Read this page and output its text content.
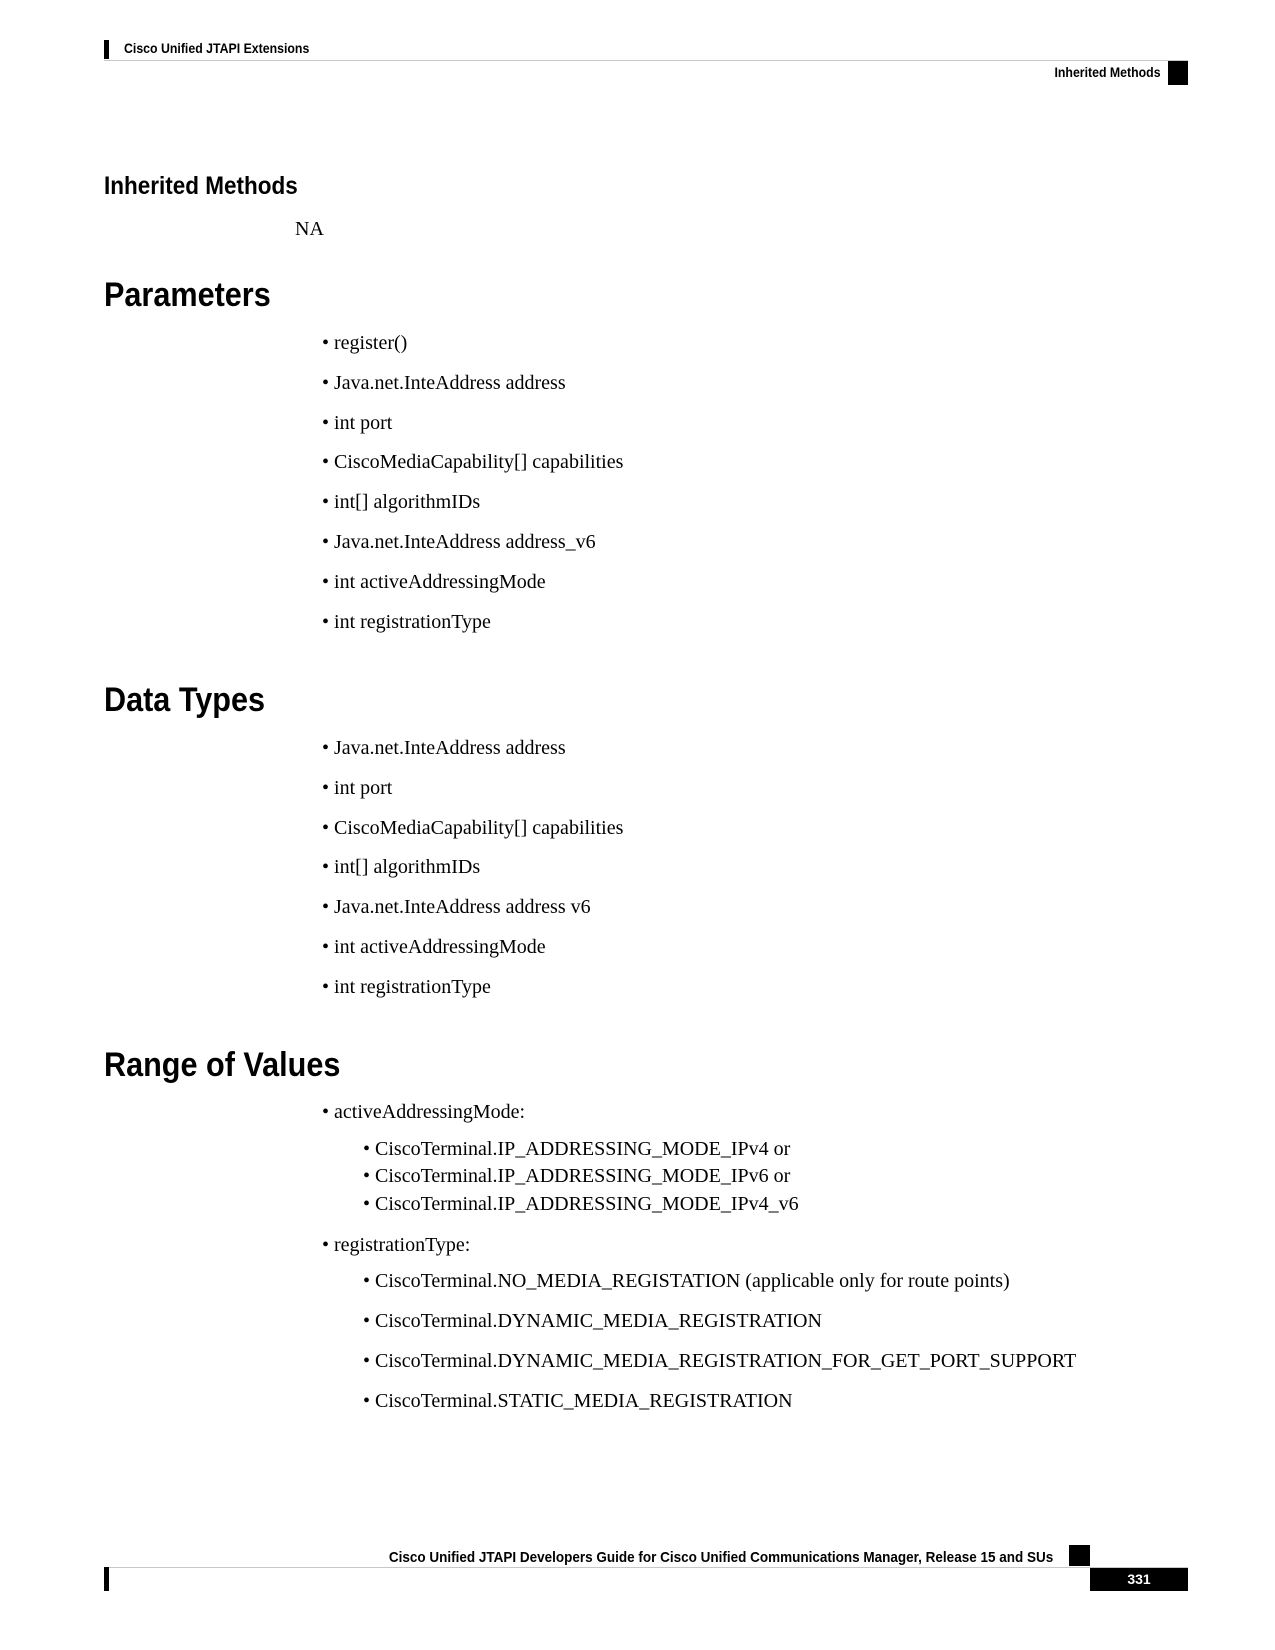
Cisco Unified JTAPI Extensions
Inherited Methods
Inherited Methods
NA
Parameters
• register()
• Java.net.InteAddress address
• int port
• CiscoMediaCapability[] capabilities
• int[] algorithmIDs
• Java.net.InteAddress address_v6
• int activeAddressingMode
• int registrationType
Data Types
• Java.net.InteAddress address
• int port
• CiscoMediaCapability[] capabilities
• int[] algorithmIDs
• Java.net.InteAddress address v6
• int activeAddressingMode
• int registrationType
Range of Values
• activeAddressingMode:
• CiscoTerminal.IP_ADDRESSING_MODE_IPv4 or
• CiscoTerminal.IP_ADDRESSING_MODE_IPv6 or
• CiscoTerminal.IP_ADDRESSING_MODE_IPv4_v6
• registrationType:
• CiscoTerminal.NO_MEDIA_REGISTATION (applicable only for route points)
• CiscoTerminal.DYNAMIC_MEDIA_REGISTRATION
• CiscoTerminal.DYNAMIC_MEDIA_REGISTRATION_FOR_GET_PORT_SUPPORT
• CiscoTerminal.STATIC_MEDIA_REGISTRATION
Cisco Unified JTAPI Developers Guide for Cisco Unified Communications Manager, Release 15 and SUs
331
